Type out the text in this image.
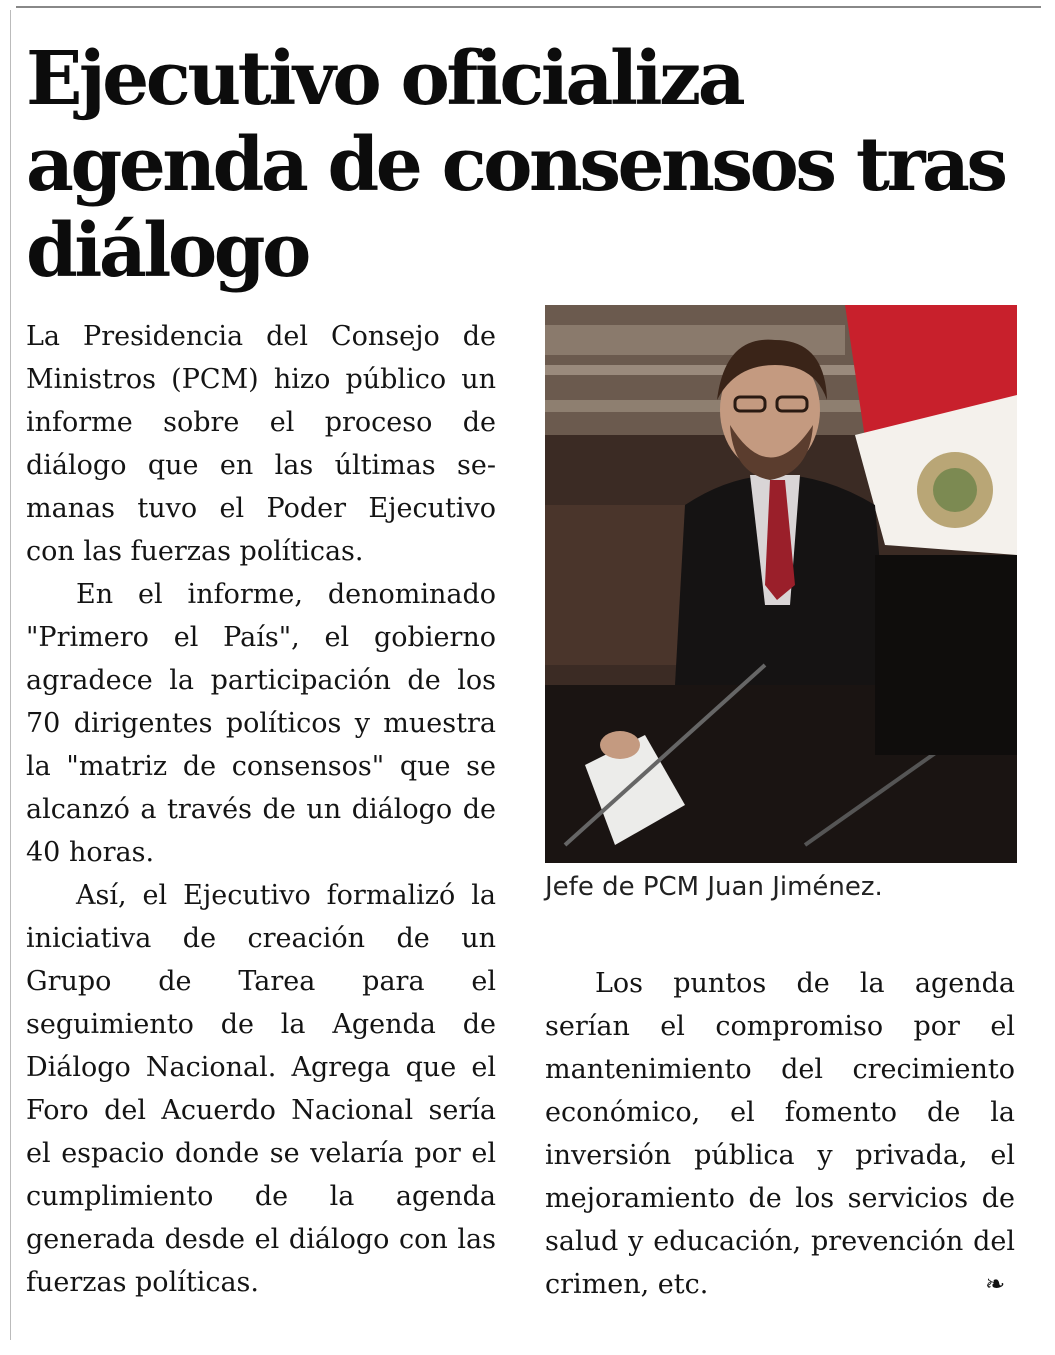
Ejecutivo oficializa agenda de consensos tras diálogo

La Presidencia del Consejo de Ministros (PCM) hizo público un informe sobre el proceso de diálogo que en las últimas semanas tuvo el Poder Ejecutivo con las fuerzas políticas.

En el informe, denominado "Primero el País", el gobierno agradece la participación de los 70 dirigentes políticos y muestra la "matriz de consensos" que se alcanzó a través de un diálogo de 40 horas.

Así, el Ejecutivo formalizó la iniciativa de creación de un Grupo de Tarea para el seguimiento de la Agenda de Diálogo Nacional. Agrega que el Foro del Acuerdo Nacional sería el espacio donde se velaría por el cumplimiento de la agenda generada desde el diálogo con las fuerzas políticas.

Jefe de PCM Juan Jiménez.

Los puntos de la agenda serían el compromiso por el mantenimiento del crecimiento económico, el fomento de la inversión pública y privada, el mejoramiento de los servicios de salud y educación, prevención del crimen, etc.	❧
